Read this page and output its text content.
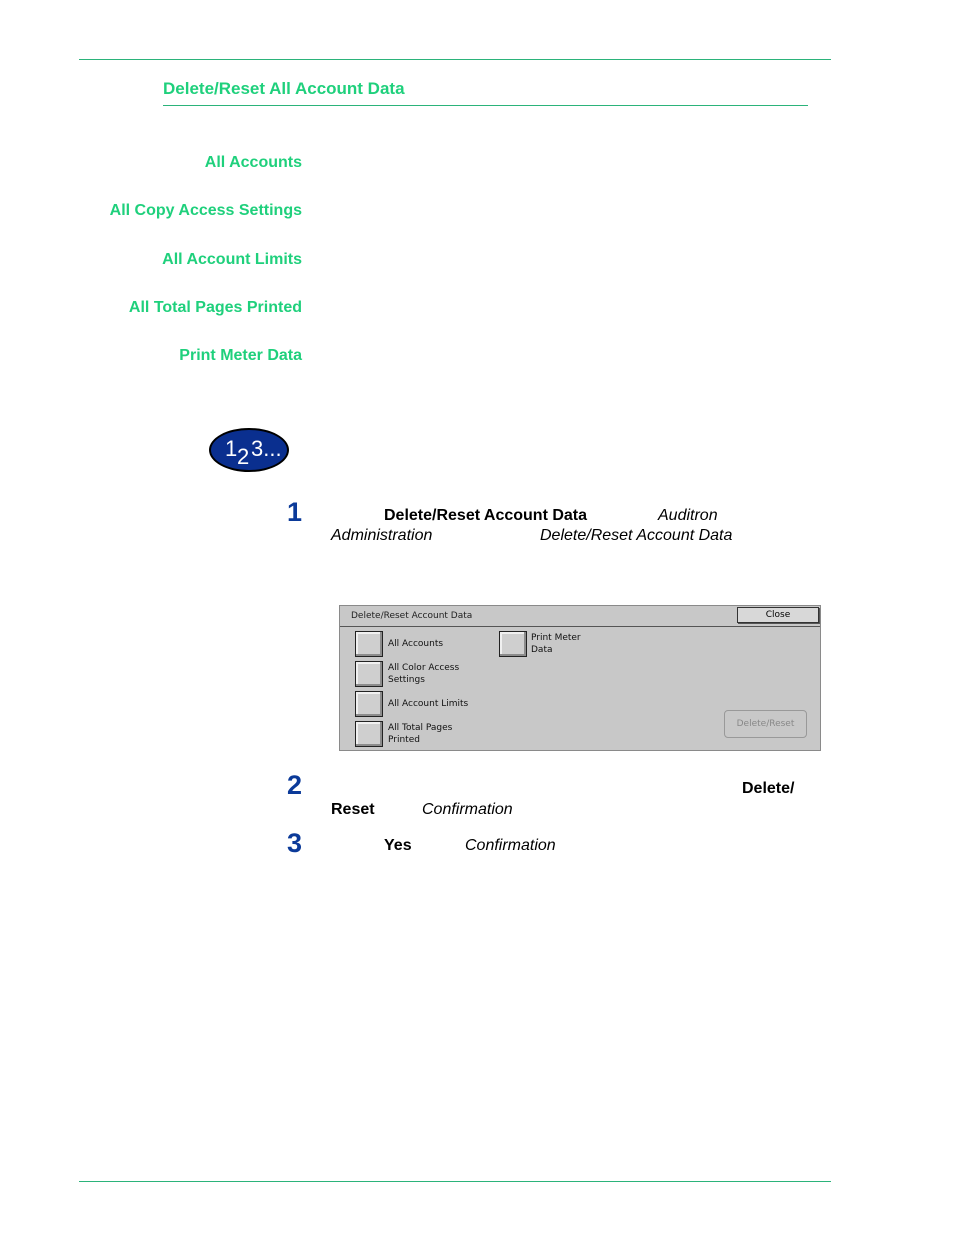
Delete/Reset All Account Data
All Accounts
All Copy Access Settings
All Account Limits
All Total Pages Printed
Print Meter Data
1 2 3...
1	Delete/Reset Account Data	Auditron
Administration	Delete/Reset Account Data
Delete/Reset Account Data	Close
All Accounts
All Color Access
Settings
All Account Limits
All Total Pages
Printed
Print Meter
Data
Delete/Reset
2	Delete/
Reset	Confirmation
3	Yes	Confirmation
